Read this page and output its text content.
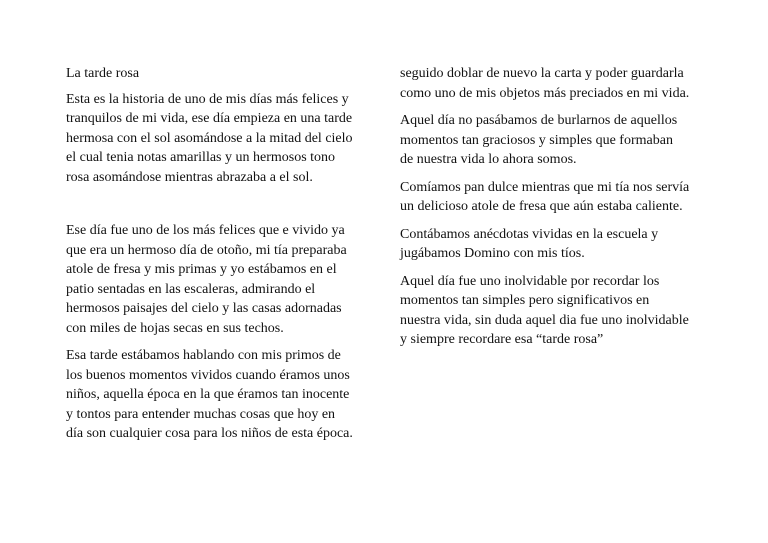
La tarde rosa

Esta es la historia de uno de mis días más felices y
tranquilos de mi vida, ese día empieza en una tarde
hermosa con el sol asomándose a la mitad del cielo
el cual tenia notas amarillas y un hermosos tono
rosa asomándose mientras abrazaba a el sol.

Ese día fue uno de los más felices que e vivido ya
que era un hermoso día de otoño, mi tía preparaba
atole de fresa y mis primas y yo estábamos en el
patio sentadas en las escaleras, admirando el
hermosos paisajes del cielo y las casas adornadas
con miles de hojas secas en sus techos.

Esa tarde estábamos hablando con mis primos de
los buenos momentos vividos cuando éramos unos
niños, aquella época en la que éramos tan inocente
y tontos para entender muchas cosas que hoy en
día son cualquier cosa para los niños de esta época.

seguido doblar de nuevo la carta y poder guardarla
como uno de mis objetos más preciados en mi vida.

Aquel día no pasábamos de burlarnos de aquellos
momentos tan graciosos y simples que formaban
de nuestra vida lo ahora somos.

Comíamos pan dulce mientras que mi tía nos servía
un delicioso atole de fresa que aún estaba caliente.

Contábamos anécdotas vividas en la escuela y
jugábamos Domino con mis tíos.

Aquel día fue uno inolvidable por recordar los
momentos tan simples pero significativos en
nuestra vida, sin duda aquel dia fue uno inolvidable
y siempre recordare esa “tarde rosa”
